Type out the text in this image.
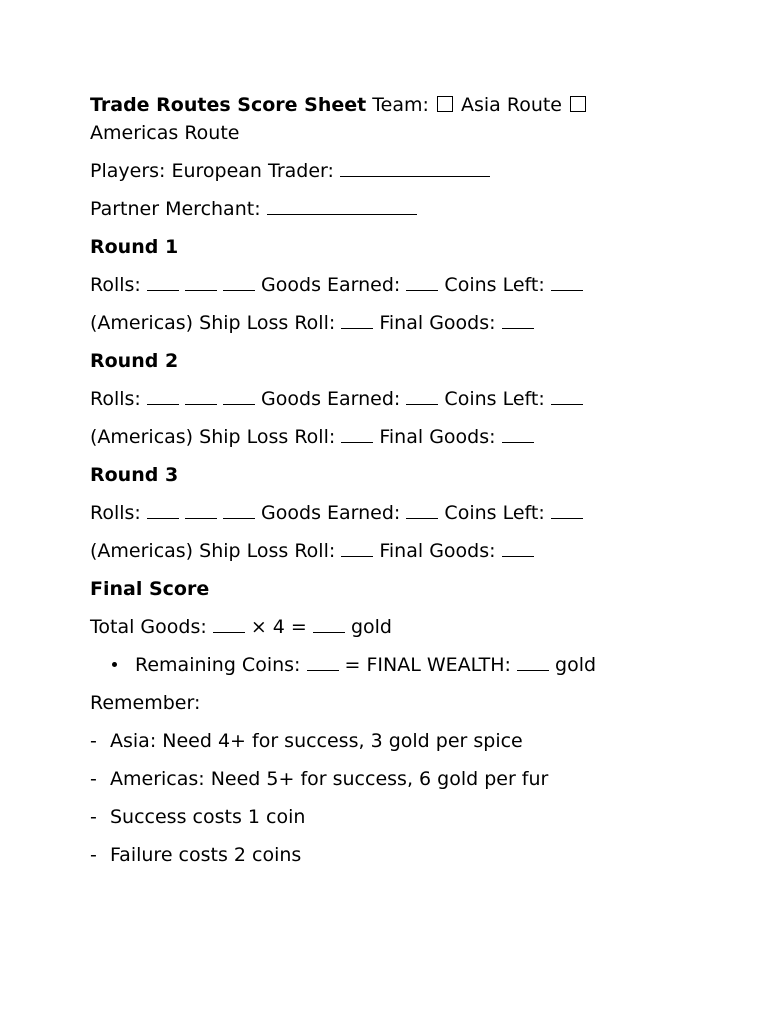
Trade Routes Score Sheet Team: Asia Route  Americas Route
Players: European Trader:
Partner Merchant:
Round 1
Rolls:	Goods Earned: Coins Left:
(Americas) Ship Loss Roll: Final Goods:
Round 2
Rolls:	Goods Earned: Coins Left:
(Americas) Ship Loss Roll: Final Goods:
Round 3
Rolls:	Goods Earned: Coins Left:
(Americas) Ship Loss Roll: Final Goods:
Final Score
Total Goods: × 4 = gold
Remaining Coins: = FINAL WEALTH: gold
Remember:
- Asia: Need 4+ for success, 3 gold per spice
- Americas: Need 5+ for success, 6 gold per fur
- Success costs 1 coin
- Failure costs 2 coins
